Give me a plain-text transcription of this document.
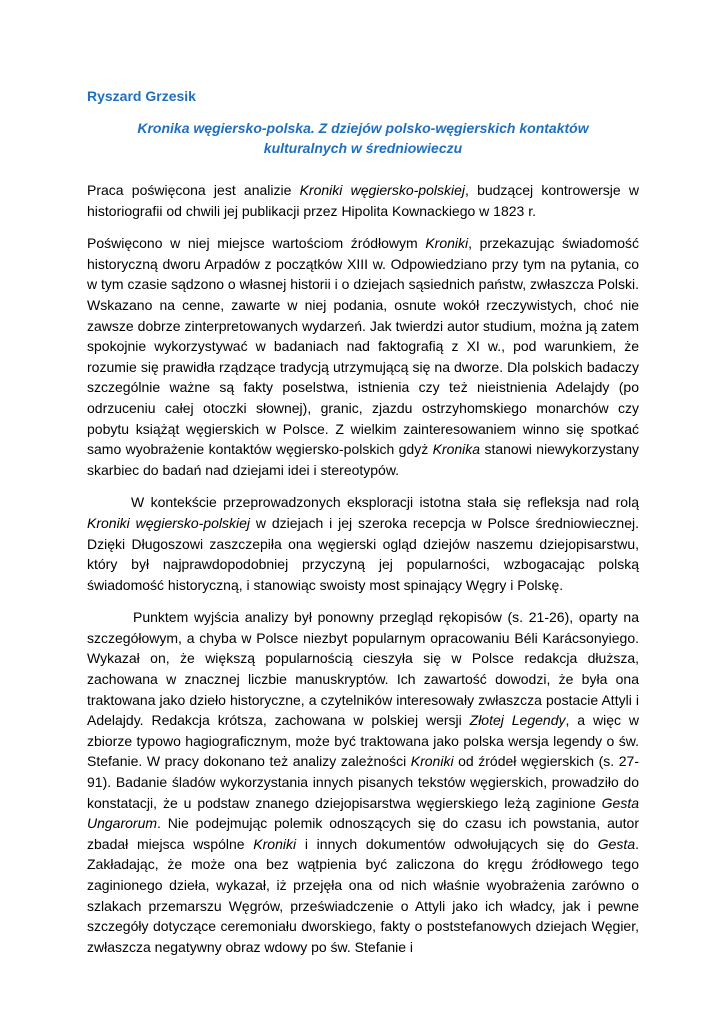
Ryszard Grzesik
Kronika węgiersko-polska. Z dziejów polsko-węgierskich kontaktów
kulturalnych w średniowieczu

Praca poświęcona jest analizie Kroniki węgiersko-polskiej, budzącej kontrowersje w historiografii od chwili jej publikacji przez Hipolita Kownackiego w 1823 r.

Poświęcono w niej miejsce wartościom źródłowym Kroniki, przekazując świadomość historyczną dworu Arpadów z początków XIII w. Odpowiedziano przy tym na pytania, co w tym czasie sądzono o własnej historii i o dziejach sąsiednich państw, zwłaszcza Polski. Wskazano na cenne, zawarte w niej podania, osnute wokół rzeczywistych, choć nie zawsze dobrze zinterpretowanych wydarzeń. Jak twierdzi autor studium, można ją zatem spokojnie wykorzystywać w badaniach nad faktografią z XI w., pod warunkiem, że rozumie się prawidła rządzące tradycją utrzymującą się na dworze. Dla polskich badaczy szczególnie ważne są fakty poselstwa, istnienia czy też nieistnienia Adelajdy (po odrzuceniu całej otoczki słownej), granic, zjazdu ostrzyhomskiego monarchów czy pobytu książąt węgierskich w Polsce. Z wielkim zainteresowaniem winno się spotkać samo wyobrażenie kontaktów węgiersko-polskich gdyż Kronika stanowi niewykorzystany skarbiec do badań nad dziejami idei i stereotypów.

W kontekście przeprowadzonych eksploracji istotna stała się refleksja nad rolą Kroniki węgiersko-polskiej w dziejach i jej szeroka recepcja w Polsce średniowiecznej. Dzięki Długoszowi zaszczepiła ona węgierski ogląd dziejów naszemu dziejopisarstwu, który był najprawdopodobniej przyczyną jej popularności, wzbogacając polską świadomość historyczną, i stanowiąc swoisty most spinający Węgry i Polskę.

Punktem wyjścia analizy był ponowny przegląd rękopisów (s. 21-26), oparty na szczegółowym, a chyba w Polsce niezbyt popularnym opracowaniu Béli Karácsonyiego. Wykazał on, że większą popularnością cieszyła się w Polsce redakcja dłuższa, zachowana w znacznej liczbie manuskryptów. Ich zawartość dowodzi, że była ona traktowana jako dzieło historyczne, a czytelników interesowały zwłaszcza postacie Attyli i Adelajdy. Redakcja krótsza, zachowana w polskiej wersji Złotej Legendy, a więc w zbiorze typowo hagiograficznym, może być traktowana jako polska wersja legendy o św. Stefanie. W pracy dokonano też analizy zależności Kroniki od źródeł węgierskich (s. 27-91). Badanie śladów wykorzystania innych pisanych tekstów węgierskich, prowadziło do konstatacji, że u podstaw znanego dziejopisarstwa węgierskiego leżą zaginione Gesta Ungarorum. Nie podejmując polemik odnoszących się do czasu ich powstania, autor zbadał miejsca wspólne Kroniki i innych dokumentów odwołujących się do Gesta. Zakładając, że może ona bez wątpienia być zaliczona do kręgu źródłowego tego zaginionego dzieła, wykazał, iż przejęła ona od nich właśnie wyobrażenia zarówno o szlakach przemarszu Węgrów, przeświadczenie o Attyli jako ich władcy, jak i pewne szczegóły dotyczące ceremoniału dworskiego, fakty o poststefanowych dziejach Węgier, zwłaszcza negatywny obraz wdowy po św. Stefanie i
